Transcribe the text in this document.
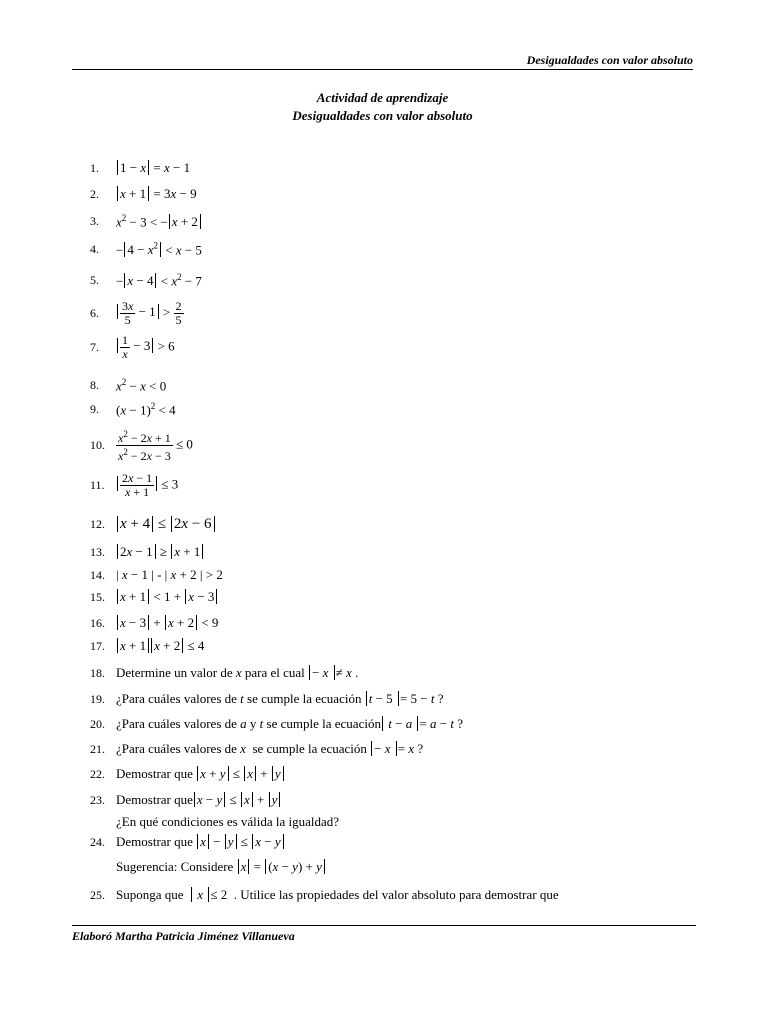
Desigualdades con valor absoluto
Actividad de aprendizaje
Desigualdades con valor absoluto
1.	1 − x = x − 1
2.	x + 1 = 3x − 9
3.	$x^2 - 3$ < − x + 2
4.	− $4 - x^2 < x - 5$
5.	− $x - 4 < x^2 - 7$
6.	$\frac{3x}{5} - 1 > \frac{2}{5}$
7.	$\frac{1}{x} - 3 > 6$
8.	$x^2 - x < 0$
9.	$(x - 1)^2 < 4$
10. $\frac{x^2 - 2x + 1}{x^2 - 2x - 3} \le 0$
11.	$\frac{2x - 1}{x + 1} \le 3$
12.	x + 4 ≤ 2x − 6
13.	2x − 1 ≥ x + 1
14. | x − 1 | - | x + 2 | > 2
15.	x + 1 < 1 + x − 3
16.	x − 3 + x + 2 < 9
17.	x + 1 x + 2 ≤ 4
18. Determine un valor de x para el cual − x ≠ x .
19. ¿Para cuáles valores de t se cumple la ecuación t − 5 = 5 − t ?
20. ¿Para cuáles valores de a y t se cumple la ecuación t − a = a − t ?
21. ¿Para cuáles valores de x  se cumple la ecuación − x = x ?
22. Demostrar que x + y ≤ x + y
23. Demostrar que x − y ≤ x + y
¿En qué condiciones es válida la igualdad?
24. Demostrar que x − y ≤ x − y
Sugerencia: Considere x = (x − y) + y
25. Suponga que   x ≤ 2  . Utilice las propiedades del valor absoluto para demostrar que
Elaboró Martha Patricia Jiménez Villanueva
